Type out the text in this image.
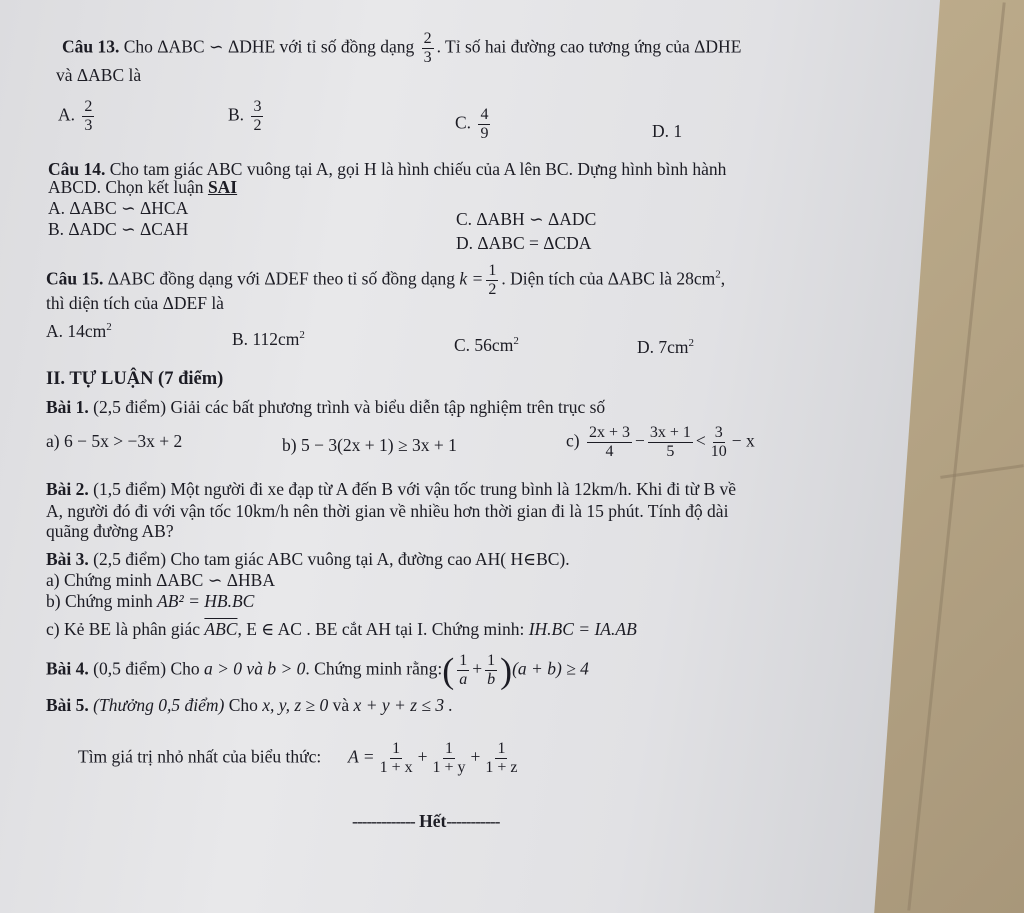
Câu 13. Cho ΔABC ∽ ΔDHE với tỉ số đồng dạng $\frac{2}{3}$ . Tỉ số hai đường cao tương ứng của ΔDHE
và ΔABC là
A. $\frac{2}{3}$	B. $\frac{3}{2}$	C. $\frac{4}{9}$	D. 1
Câu 14. Cho tam giác ABC vuông tại A, gọi H là hình chiếu của A lên BC. Dựng hình bình hành
ABCD. Chọn kết luận SAI
A. ΔABC ∽ ΔHCA
B. ΔADC ∽ ΔCAH	C. ΔABH ∽ ΔADC
D. ΔABC = ΔCDA
Câu 15. ΔABC đồng dạng với ΔDEF theo tỉ số đồng dạng $k = \frac{1}{2}$ . Diện tích của ΔABC là $28cm^2$,
thì diện tích của ΔDEF là
A. $14cm^2$
B. $112cm^2$	C. $56cm^2$	D. $7cm^2$
II. TỰ LUẬN (7 điểm)
Bài 1. (2,5 điểm) Giải các bất phương trình và biểu diễn tập nghiệm trên trục số
a) 6 − 5x > −3x + 2	b) 5 − 3(2x + 1) ≥ 3x + 1	$c) \frac{2x + 3}{4} - \frac{3x + 1}{5} < \frac{3}{10} - x$
Bài 2. (1,5 điểm) Một người đi xe đạp từ A đến B với vận tốc trung bình là 12km/h. Khi đi từ B về
A, người đó đi với vận tốc 10km/h nên thời gian về nhiều hơn thời gian đi là 15 phút. Tính độ dài
quãng đường AB?
Bài 3. (2,5 điểm) Cho tam giác ABC vuông tại A, đường cao AH( H∈BC).
a) Chứng minh ΔABC ∽ ΔHBA
b) Chứng minh AB² = HB.BC
c) Kẻ BE là phân giác $\overline{ABC}$, E ∈ AC . BE cắt AH tại I. Chứng minh: IH.BC = IA.AB
Bài 4. (0,5 điểm) Cho a > 0 và b > 0. Chứng minh rằng:( $\frac{1}{a} + \frac{1}{b} )(a + b) \ge 4$
Bài 5. (Thưởng 0,5 điểm) Cho x, y, z ≥ 0 và x + y + z ≤ 3 .
Tìm giá trị nhỏ nhất của biểu thức: $A = \frac{1}{1 + x} + \frac{1}{1 + y} + \frac{1}{1 + z}$
------------- Hết-----------
